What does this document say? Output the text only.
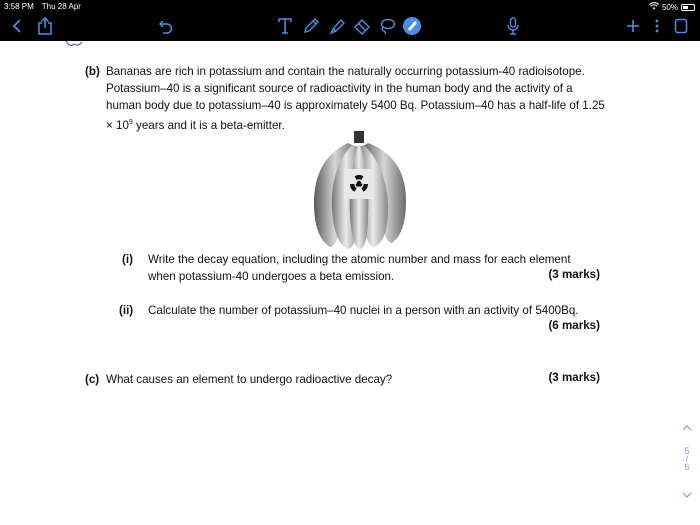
3:58 PM Thu 28 Apr	50%
(b) Bananas are rich in potassium and contain the naturally occurring potassium-40 radioisotope.
Potassium–40 is a significant source of radioactivity in the human body and the activity of a
human body due to potassium–40 is approximately 5400 Bq. Potassium–40 has a half-life of 1.25
× $10^9$ years and it is a beta-emitter.
(i) Write the decay equation, including the atomic number and mass for each element
when potassium-40 undergoes a beta emission.	(3 marks)
(ii) Calculate the number of potassium–40 nuclei in a person with an activity of 5400Bq.
(6 marks)
(c) What causes an element to undergo radioactive decay?	(3 marks)
5
/
6
